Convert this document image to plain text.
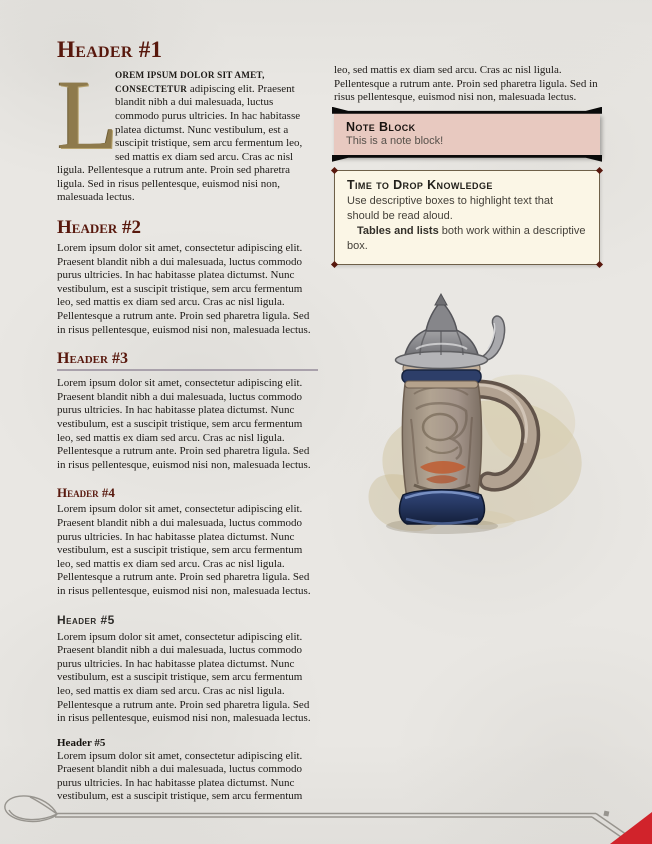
Header #1
L

OREM IPSUM DOLOR SIT AMET, CONSECTETUR adipiscing elit. Praesent blandit nibh a dui malesuada, luctus commodo purus ultricies. In hac habitasse platea dictumst. Nunc vestibulum, est a suscipit tristique, sem arcu fermentum leo, sed mattis ex diam sed arcu. Cras ac nisl ligula. Pellentesque a rutrum ante. Proin sed pharetra ligula. Sed in risus pellentesque, euismod nisi non, malesuada lectus.

Header #2

Lorem ipsum dolor sit amet, consectetur adipiscing elit. Praesent blandit nibh a dui malesuada, luctus commodo purus ultricies. In hac habitasse platea dictumst. Nunc vestibulum, est a suscipit tristique, sem arcu fermentum leo, sed mattis ex diam sed arcu. Cras ac nisl ligula. Pellentesque a rutrum ante. Proin sed pharetra ligula. Sed in risus pellentesque, euismod nisi non, malesuada lectus.

Header #3

Lorem ipsum dolor sit amet, consectetur adipiscing elit. Praesent blandit nibh a dui malesuada, luctus commodo purus ultricies. In hac habitasse platea dictumst. Nunc vestibulum, est a suscipit tristique, sem arcu fermentum leo, sed mattis ex diam sed arcu. Cras ac nisl ligula. Pellentesque a rutrum ante. Proin sed pharetra ligula. Sed in risus pellentesque, euismod nisi non, malesuada lectus.

Header #4

Lorem ipsum dolor sit amet, consectetur adipiscing elit. Praesent blandit nibh a dui malesuada, luctus commodo purus ultricies. In hac habitasse platea dictumst. Nunc vestibulum, est a suscipit tristique, sem arcu fermentum leo, sed mattis ex diam sed arcu. Cras ac nisl ligula. Pellentesque a rutrum ante. Proin sed pharetra ligula. Sed in risus pellentesque, euismod nisi non, malesuada lectus.

Header #5

Lorem ipsum dolor sit amet, consectetur adipiscing elit. Praesent blandit nibh a dui malesuada, luctus commodo purus ultricies. In hac habitasse platea dictumst. Nunc vestibulum, est a suscipit tristique, sem arcu fermentum leo, sed mattis ex diam sed arcu. Cras ac nisl ligula. Pellentesque a rutrum ante. Proin sed pharetra ligula. Sed in risus pellentesque, euismod nisi non, malesuada lectus.

Header #5

Lorem ipsum dolor sit amet, consectetur adipiscing elit. Praesent blandit nibh a dui malesuada, luctus commodo purus ultricies. In hac habitasse platea dictumst. Nunc vestibulum, est a suscipit tristique, sem arcu fermentum

leo, sed mattis ex diam sed arcu. Cras ac nisl ligula. Pellentesque a rutrum ante. Proin sed pharetra ligula. Sed in risus pellentesque, euismod nisi non, malesuada lectus.

Note Block

This is a note block!

Time to Drop Knowledge

Use descriptive boxes to highlight text that should be read aloud.
Tables and lists both work within a descriptive box.
